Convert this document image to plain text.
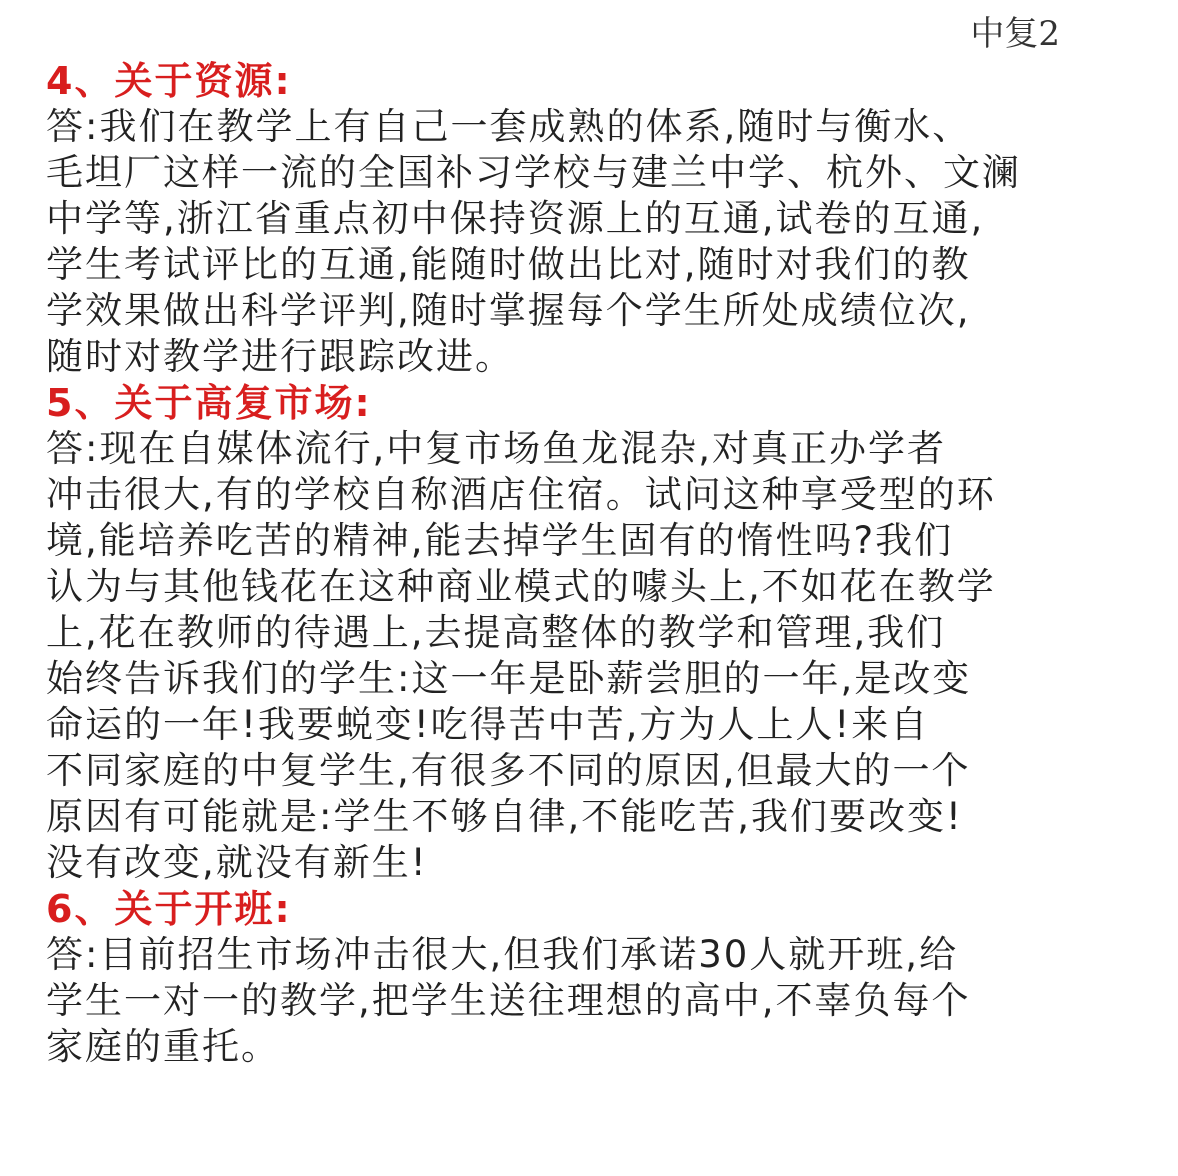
中复2
4、关于资源:

答:我们在教学上有自己一套成熟的体系,随时与衡水、
毛坦厂这样一流的全国补习学校与建兰中学、杭外、文澜
中学等,浙江省重点初中保持资源上的互通,试卷的互通,
学生考试评比的互通,能随时做出比对,随时对我们的教
学效果做出科学评判,随时掌握每个学生所处成绩位次,
随时对教学进行跟踪改进。

5、关于高复市场:

答:现在自媒体流行,中复市场鱼龙混杂,对真正办学者
冲击很大,有的学校自称酒店住宿。试问这种享受型的环
境,能培养吃苦的精神,能去掉学生固有的惰性吗?我们
认为与其他钱花在这种商业模式的噱头上,不如花在教学
上,花在教师的待遇上,去提高整体的教学和管理,我们
始终告诉我们的学生:这一年是卧薪尝胆的一年,是改变
命运的一年!我要蜕变!吃得苦中苦,方为人上人!来自
不同家庭的中复学生,有很多不同的原因,但最大的一个
原因有可能就是:学生不够自律,不能吃苦,我们要改变!
没有改变,就没有新生!

6、关于开班:

答:目前招生市场冲击很大,但我们承诺30人就开班,给
学生一对一的教学,把学生送往理想的高中,不辜负每个
家庭的重托。
